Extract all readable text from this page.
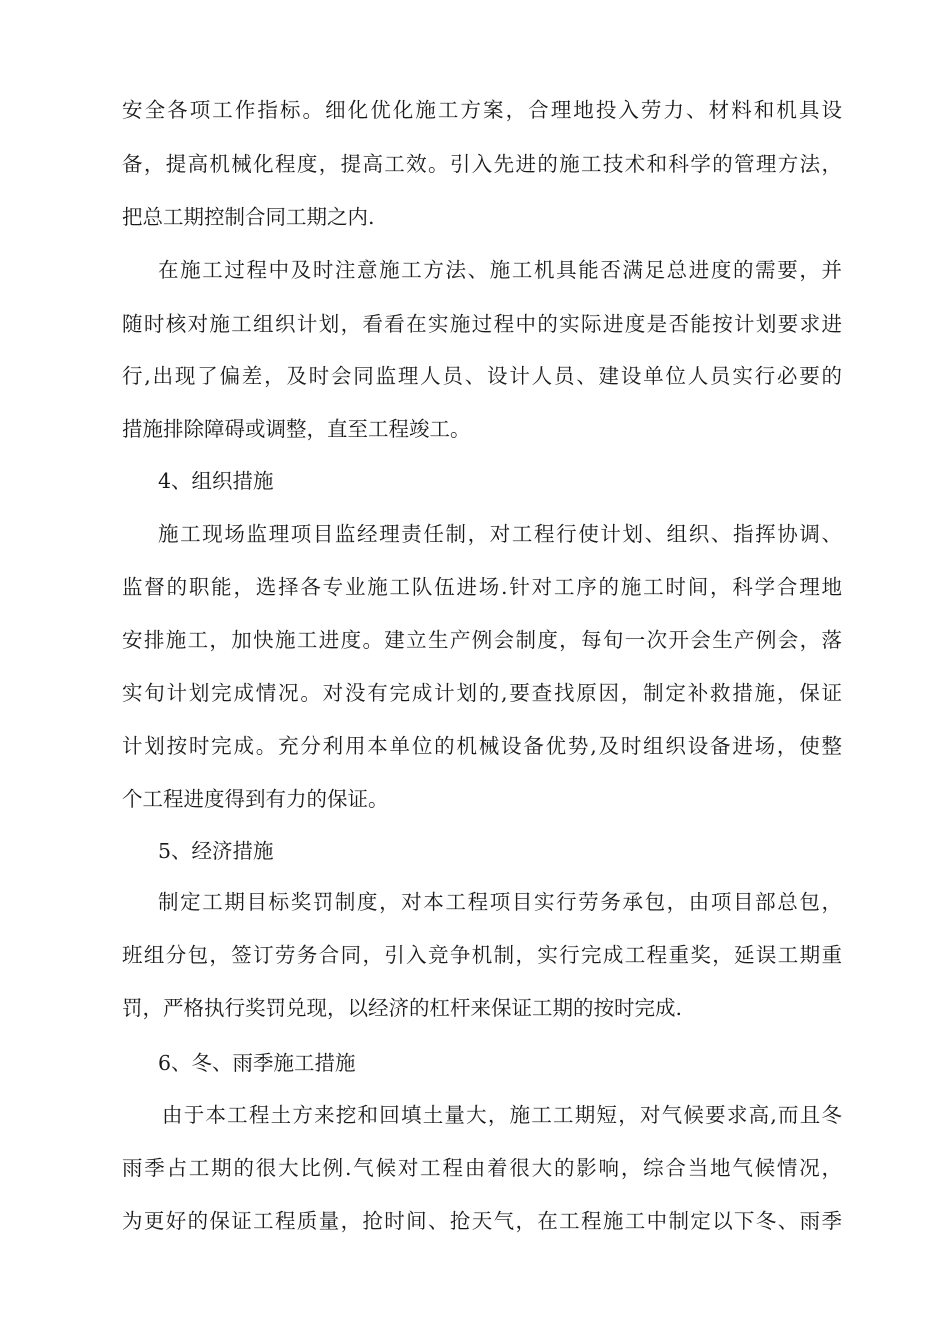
安全各项工作指标。细化优化施工方案，合理地投入劳力、材料和机具设
备，提高机械化程度，提高工效。引入先进的施工技术和科学的管理方法，
把总工期控制合同工期之内.
在施工过程中及时注意施工方法、施工机具能否满足总进度的需要，并
随时核对施工组织计划，看看在实施过程中的实际进度是否能按计划要求进
行,出现了偏差，及时会同监理人员、设计人员、建设单位人员实行必要的
措施排除障碍或调整，直至工程竣工。
4、组织措施
施工现场监理项目监经理责任制，对工程行使计划、组织、指挥协调、
监督的职能，选择各专业施工队伍进场.针对工序的施工时间，科学合理地
安排施工，加快施工进度。建立生产例会制度，每旬一次开会生产例会，落
实旬计划完成情况。对没有完成计划的,要查找原因，制定补救措施，保证
计划按时完成。充分利用本单位的机械设备优势,及时组织设备进场，使整
个工程进度得到有力的保证。
5、经济措施
制定工期目标奖罚制度，对本工程项目实行劳务承包，由项目部总包，
班组分包，签订劳务合同，引入竞争机制，实行完成工程重奖，延误工期重
罚，严格执行奖罚兑现，以经济的杠杆来保证工期的按时完成.
6、冬、雨季施工措施
由于本工程土方来挖和回填土量大，施工工期短，对气候要求高,而且冬
雨季占工期的很大比例.气候对工程由着很大的影响，综合当地气候情况，
为更好的保证工程质量，抢时间、抢天气，在工程施工中制定以下冬、雨季
